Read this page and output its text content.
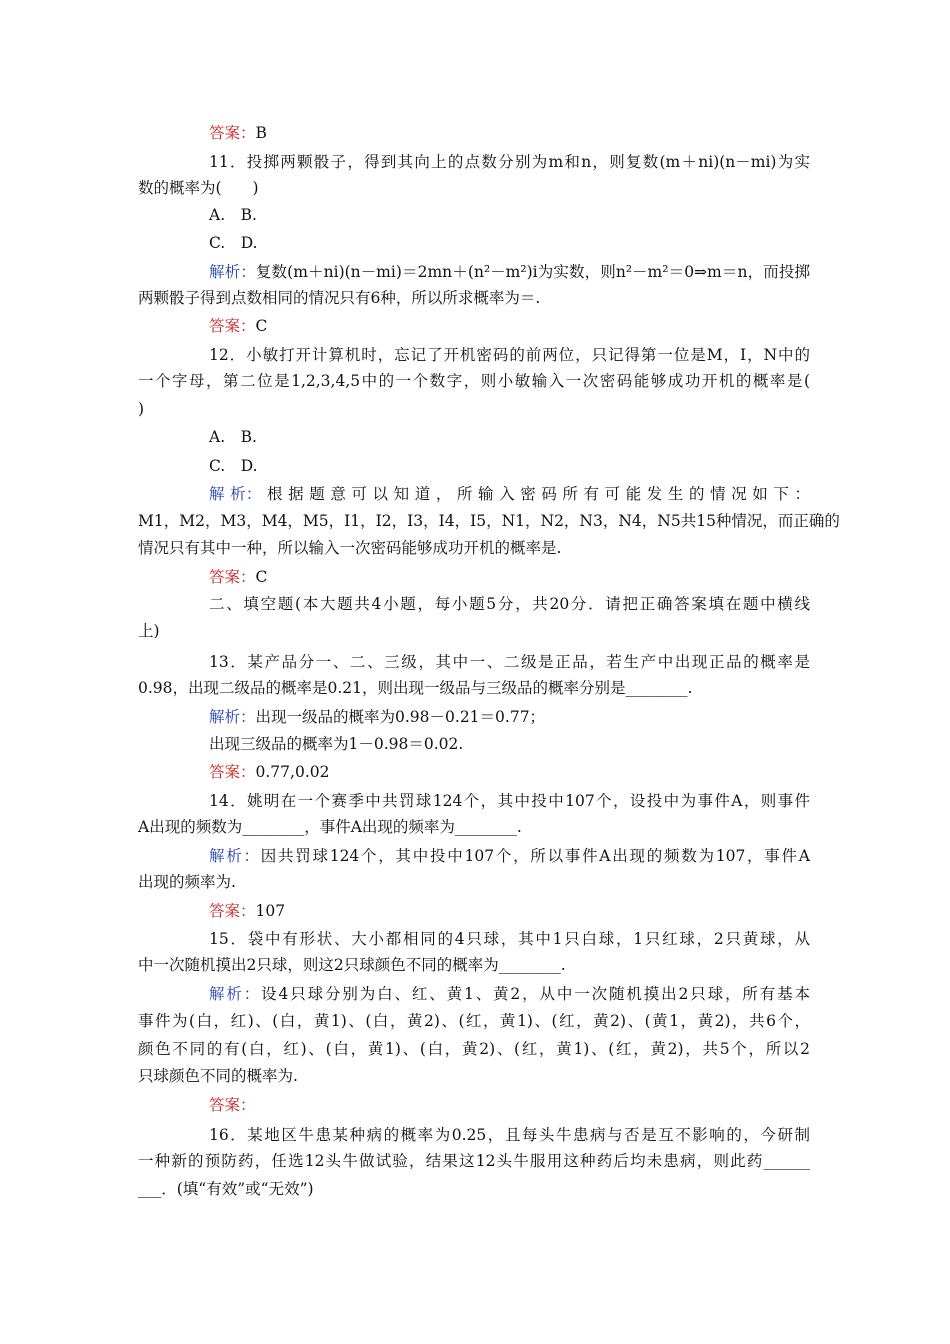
答案：B
11．投掷两颗骰子，得到其向上的点数分别为m和n，则复数(m＋ni)(n－mi)为实
数的概率为(　　)
A.　B.
C.　D.
解析：复数(m＋ni)(n－mi)＝2mn＋(n²－m²)i为实数，则n²－m²＝0⇒m＝n，而投掷
两颗骰子得到点数相同的情况只有6种，所以所求概率为＝.
答案：C
12．小敏打开计算机时，忘记了开机密码的前两位，只记得第一位是M，I，N中的
一个字母，第二位是1,2,3,4,5中的一个数字，则小敏输入一次密码能够成功开机的概率是(
)
A.　B.
C.　D.
解 析： 根 据 题 意 可 以 知 道 ， 所 输 入 密 码 所 有 可 能 发 生 的 情 况 如 下 ：
M1，M2，M3，M4，M5，I1，I2，I3，I4，I5，N1，N2，N3，N4，N5共15种情况，而正确的
情况只有其中一种，所以输入一次密码能够成功开机的概率是.
答案：C
二、填空题(本大题共4小题，每小题5分，共20分．请把正确答案填在题中横线
上)
13．某产品分一、二、三级，其中一、二级是正品，若生产中出现正品的概率是
0.98，出现二级品的概率是0.21，则出现一级品与三级品的概率分别是________.
解析：出现一级品的概率为0.98－0.21＝0.77；
出现三级品的概率为1－0.98＝0.02.
答案：0.77,0.02
14．姚明在一个赛季中共罚球124个，其中投中107个，设投中为事件A，则事件
A出现的频数为________，事件A出现的频率为________.
解析：因共罚球124个，其中投中107个，所以事件A出现的频数为107，事件A
出现的频率为.
答案：107
15．袋中有形状、大小都相同的4只球，其中1只白球，1只红球，2只黄球，从
中一次随机摸出2只球，则这2只球颜色不同的概率为________.
解析：设4只球分别为白、红、黄1、黄2，从中一次随机摸出2只球，所有基本
事件为(白，红)、(白，黄1)、(白，黄2)、(红，黄1)、(红，黄2)、(黄1，黄2)，共6个，
颜色不同的有(白，红)、(白，黄1)、(白，黄2)、(红，黄1)、(红，黄2)，共5个，所以2
只球颜色不同的概率为.
答案：
16．某地区牛患某种病的概率为0.25，且每头牛患病与否是互不影响的，今研制
一种新的预防药，任选12头牛做试验，结果这12头牛服用这种药后均未患病，则此药______
___．(填“有效”或“无效”)
